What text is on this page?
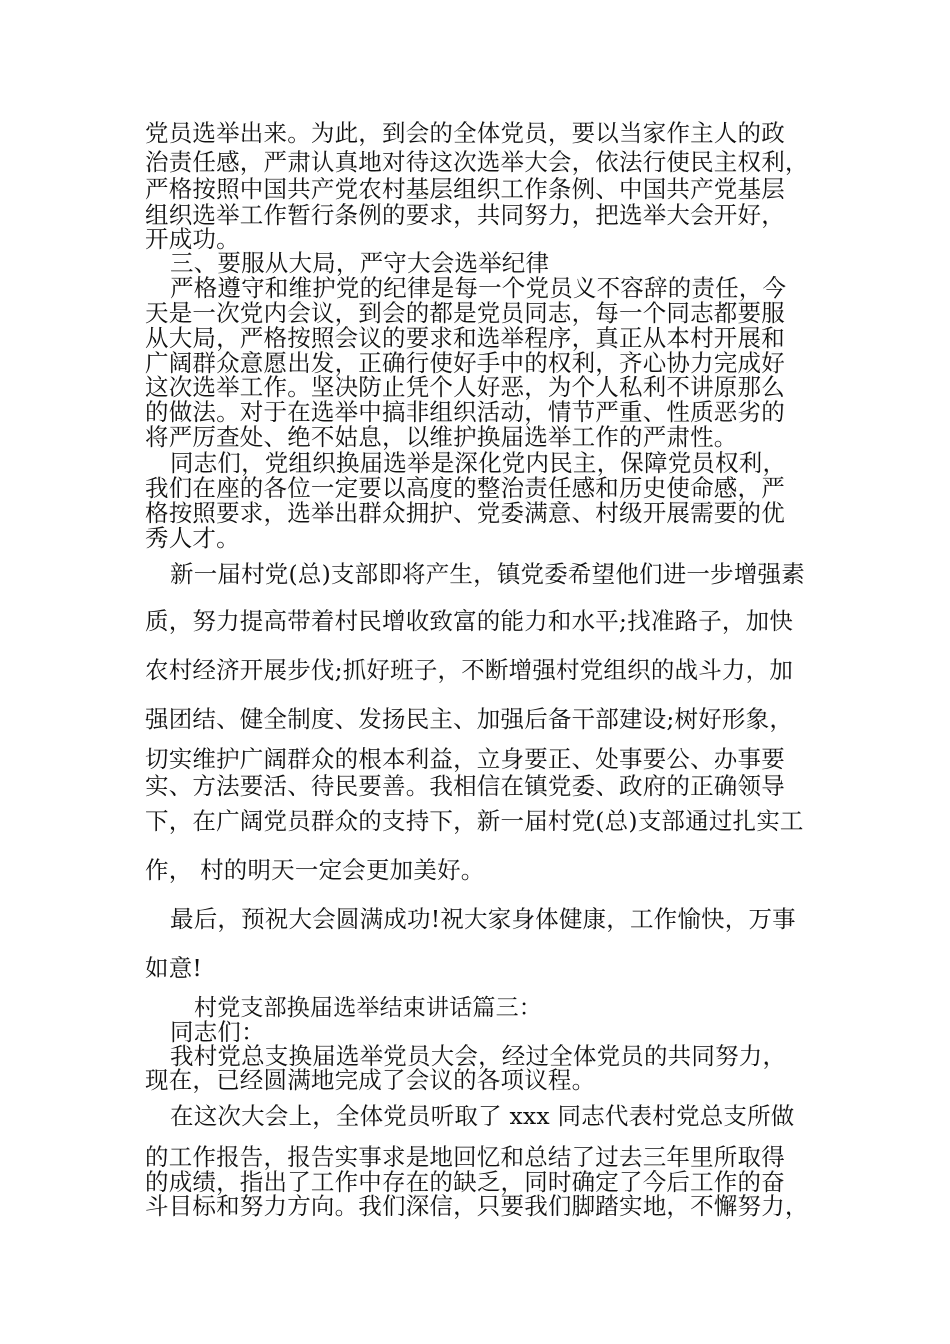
党员选举出来。为此，到会的全体党员，要以当家作主人的政

治责任感，严肃认真地对待这次选举大会，依法行使民主权利，

严格按照中国共产党农村基层组织工作条例、中国共产党基层

组织选举工作暂行条例的要求，共同努力，把选举大会开好，

开成功。

三、要服从大局，严守大会选举纪律

严格遵守和维护党的纪律是每一个党员义不容辞的责任，今

天是一次党内会议，到会的都是党员同志，每一个同志都要服

从大局，严格按照会议的要求和选举程序，真正从本村开展和

广阔群众意愿出发，正确行使好手中的权利，齐心协力完成好

这次选举工作。坚决防止凭个人好恶，为个人私利不讲原那么

的做法。对于在选举中搞非组织活动，情节严重、性质恶劣的

将严厉查处、绝不姑息，以维护换届选举工作的严肃性。

同志们，党组织换届选举是深化党内民主，保障党员权利，

我们在座的各位一定要以高度的整治责任感和历史使命感，严

格按照要求，选举出群众拥护、党委满意、村级开展需要的优

秀人才。

新一届村党(总)支部即将产生，镇党委希望他们进一步增强素

质，努力提高带着村民增收致富的能力和水平;找准路子，加快

农村经济开展步伐;抓好班子，不断增强村党组织的战斗力，加

强团结、健全制度、发扬民主、加强后备干部建设;树好形象，

切实维护广阔群众的根本利益，立身要正、处事要公、办事要

实、方法要活、待民要善。我相信在镇党委、政府的正确领导

下，在广阔党员群众的支持下，新一届村党(总)支部通过扎实工

作， 村的明天一定会更加美好。

最后，预祝大会圆满成功!祝大家身体健康，工作愉快，万事

如意!

村党支部换届选举结束讲话篇三：

同志们：

我村党总支换届选举党员大会，经过全体党员的共同努力，

现在，已经圆满地完成了会议的各项议程。

在这次大会上，全体党员听取了 xxx 同志代表村党总支所做

的工作报告，报告实事求是地回忆和总结了过去三年里所取得

的成绩，指出了工作中存在的缺乏，同时确定了今后工作的奋

斗目标和努力方向。我们深信，只要我们脚踏实地，不懈努力，
